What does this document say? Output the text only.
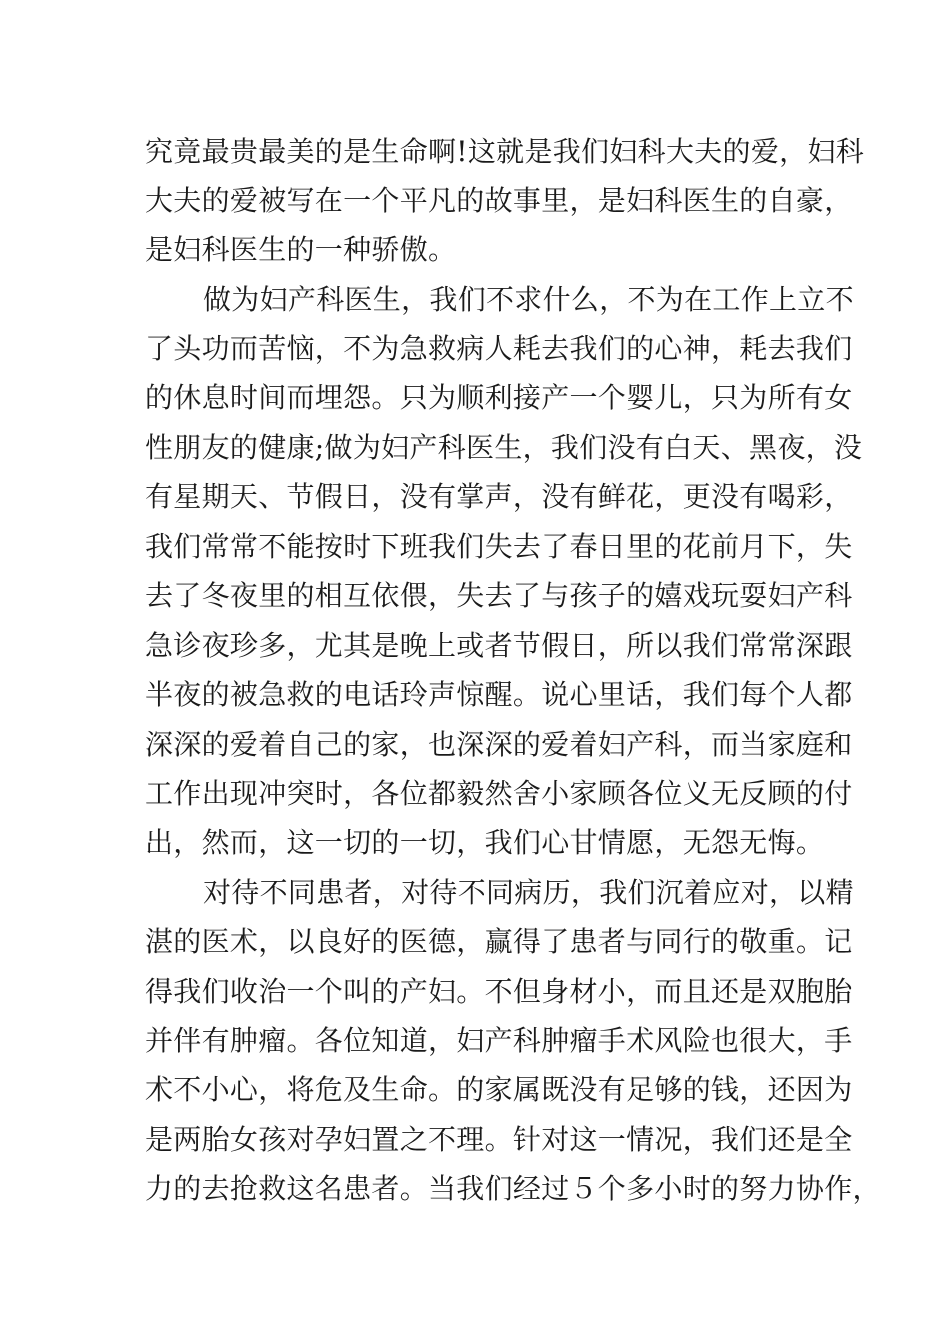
究竟最贵最美的是生命啊!这就是我们妇科大夫的爱，妇科
大夫的爱被写在一个平凡的故事里，是妇科医生的自豪，
是妇科医生的一种骄傲。
做为妇产科医生，我们不求什么，不为在工作上立不
了头功而苦恼，不为急救病人耗去我们的心神，耗去我们
的休息时间而埋怨。只为顺利接产一个婴儿，只为所有女
性朋友的健康;做为妇产科医生，我们没有白天、黑夜，没
有星期天、节假日，没有掌声，没有鲜花，更没有喝彩，
我们常常不能按时下班我们失去了春日里的花前月下，失
去了冬夜里的相互依偎，失去了与孩子的嬉戏玩耍妇产科
急诊夜珍多，尤其是晚上或者节假日，所以我们常常深跟
半夜的被急救的电话玲声惊醒。说心里话，我们每个人都
深深的爱着自己的家，也深深的爱着妇产科，而当家庭和
工作出现冲突时，各位都毅然舍小家顾各位义无反顾的付
出，然而，这一切的一切，我们心甘情愿，无怨无悔。
对待不同患者，对待不同病历，我们沉着应对，以精
湛的医术，以良好的医德，赢得了患者与同行的敬重。记
得我们收治一个叫的产妇。不但身材小，而且还是双胞胎
并伴有肿瘤。各位知道，妇产科肿瘤手术风险也很大，手
术不小心，将危及生命。的家属既没有足够的钱，还因为
是两胎女孩对孕妇置之不理。针对这一情况，我们还是全
力的去抢救这名患者。当我们经过５个多小时的努力协作，
